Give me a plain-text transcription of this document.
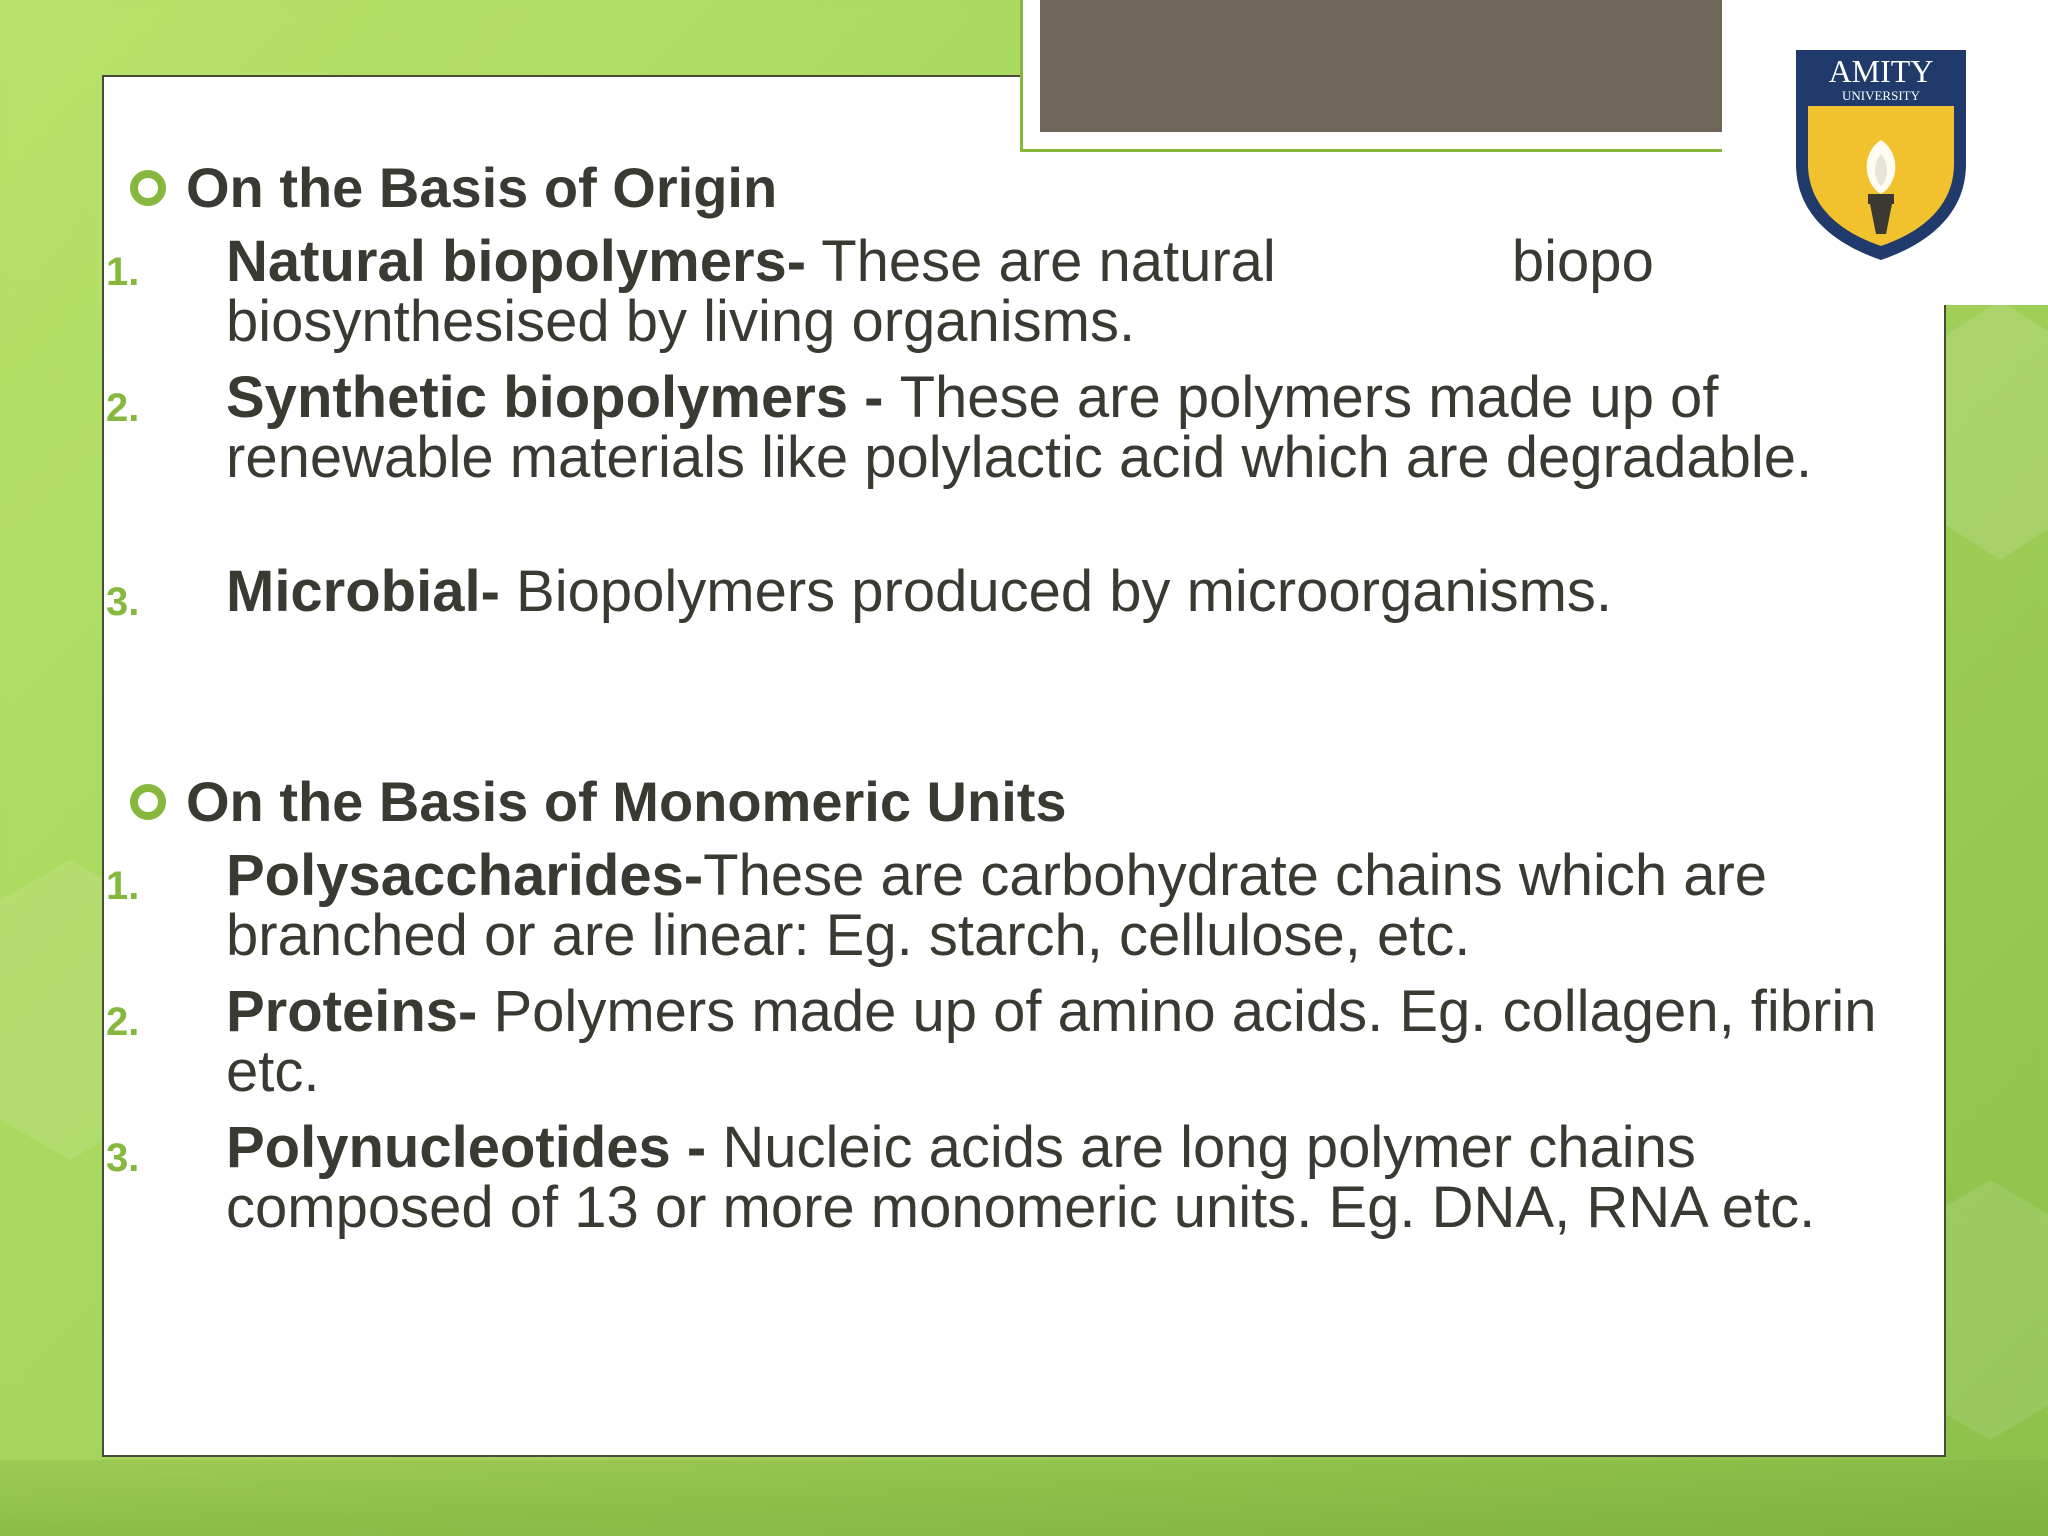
AMITY
UNIVERSITY
On the Basis of Origin
1. Natural biopolymers- These are natural	biopo
biosynthesised by living organisms.
2. Synthetic biopolymers - These are polymers made up of renewable materials like polylactic acid which are degradable.
3. Microbial- Biopolymers produced by microorganisms.
On the Basis of Monomeric Units
1. Polysaccharides-These are carbohydrate chains which are branched or are linear: Eg. starch, cellulose, etc.
2. Proteins- Polymers made up of amino acids. Eg. collagen, fibrin etc.
3. Polynucleotides - Nucleic acids are long polymer chains composed of 13 or more monomeric units. Eg. DNA, RNA etc.
